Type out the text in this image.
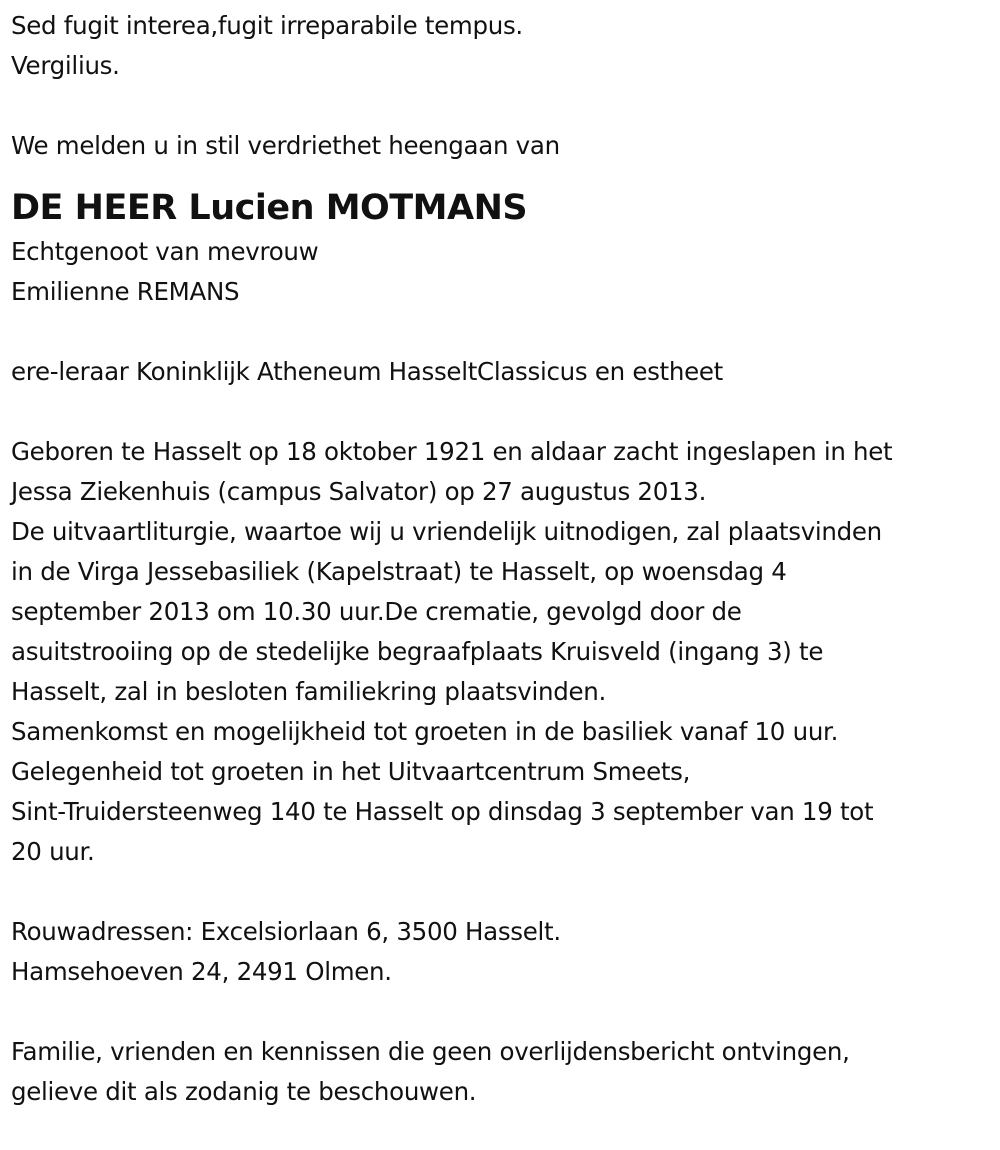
Sed fugit interea,fugit irreparabile tempus.
Vergilius.
We melden u in stil verdriethet heengaan van
DE HEER Lucien MOTMANS
Echtgenoot van mevrouw
Emilienne REMANS
ere-leraar Koninklijk Atheneum HasseltClassicus en estheet
Geboren te Hasselt op 18 oktober 1921 en aldaar zacht ingeslapen in het
Jessa Ziekenhuis (campus Salvator) op 27 augustus 2013.
De uitvaartliturgie, waartoe wij u vriendelijk uitnodigen, zal plaatsvinden
in de Virga Jessebasiliek (Kapelstraat) te Hasselt, op woensdag 4
september 2013 om 10.30 uur.De crematie, gevolgd door de
asuitstrooiing op de stedelijke begraafplaats Kruisveld (ingang 3) te
Hasselt, zal in besloten familiekring plaatsvinden.
Samenkomst en mogelijkheid tot groeten in de basiliek vanaf 10 uur.
Gelegenheid tot groeten in het Uitvaartcentrum Smeets,
Sint-Truidersteenweg 140 te Hasselt op dinsdag 3 september van 19 tot
20 uur.
Rouwadressen: Excelsiorlaan 6, 3500 Hasselt.
Hamsehoeven 24, 2491 Olmen.
Familie, vrienden en kennissen die geen overlijdensbericht ontvingen,
gelieve dit als zodanig te beschouwen.
